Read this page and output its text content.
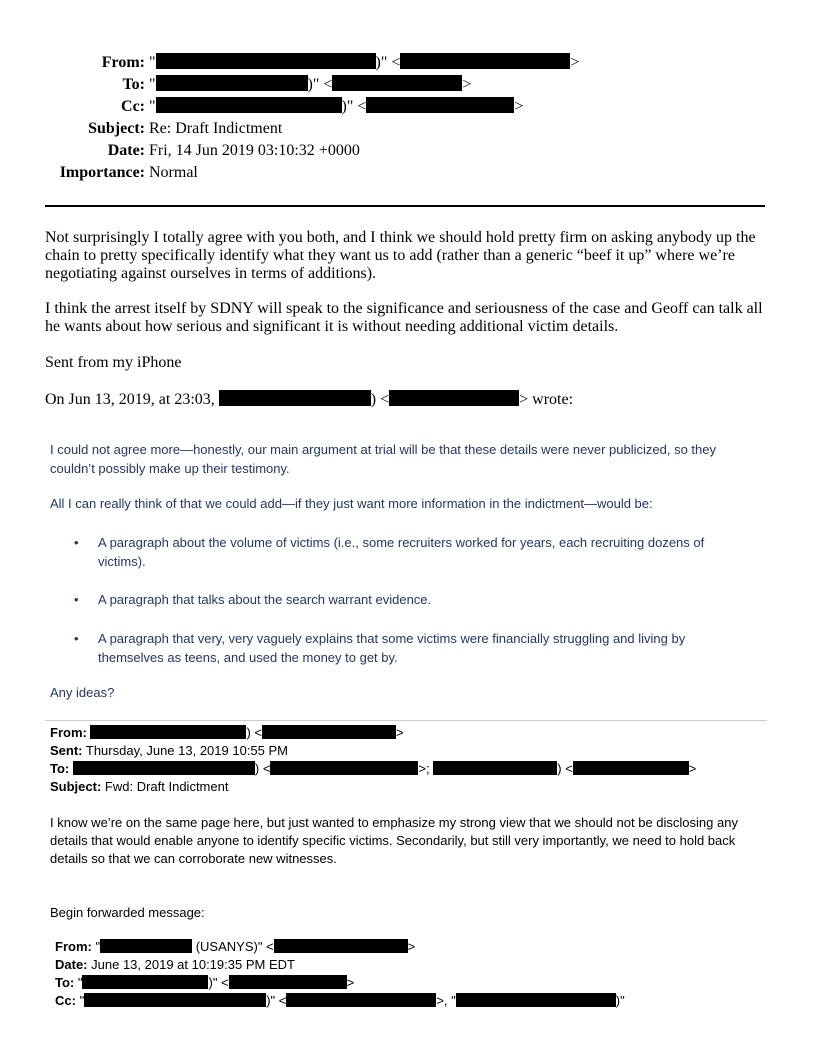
From: "	)" <	>
To: "	)" <	>
Cc: "	)" <	>
Subject: Re: Draft Indictment
Date: Fri, 14 Jun 2019 03:10:32 +0000
Importance: Normal
Not surprisingly I totally agree with you both, and I think we should hold pretty firm on asking anybody up the chain to pretty specifically identify what they want us to add (rather than a generic “beef it up” where we’re negotiating against ourselves in terms of additions).
I think the arrest itself by SDNY will speak to the significance and seriousness of the case and Geoff can talk all he wants about how serious and significant it is without needing additional victim details.
Sent from my iPhone
On Jun 13, 2019, at 23:03,	) <	> wrote:
I could not agree more—honestly, our main argument at trial will be that these details were never publicized, so they couldn’t possibly make up their testimony.
All I can really think of that we could add—if they just want more information in the indictment—would be:
• A paragraph about the volume of victims (i.e., some recruiters worked for years, each recruiting dozens of victims).
• A paragraph that talks about the search warrant evidence.
• A paragraph that very, very vaguely explains that some victims were financially struggling and living by themselves as teens, and used the money to get by.
Any ideas?
From:	) <	>
Sent: Thursday, June 13, 2019 10:55 PM
To:	) <	>;	) <	>
Subject: Fwd: Draft Indictment
I know we’re on the same page here, but just wanted to emphasize my strong view that we should not be disclosing any details that would enable anyone to identify specific victims. Secondarily, but still very importantly, we need to hold back details so that we can corroborate new witnesses.
Begin forwarded message:
From: "	(USANYS)" <	>
Date: June 13, 2019 at 10:19:35 PM EDT
To: "	)" <	>
Cc: "	)" <	>, "	)"
